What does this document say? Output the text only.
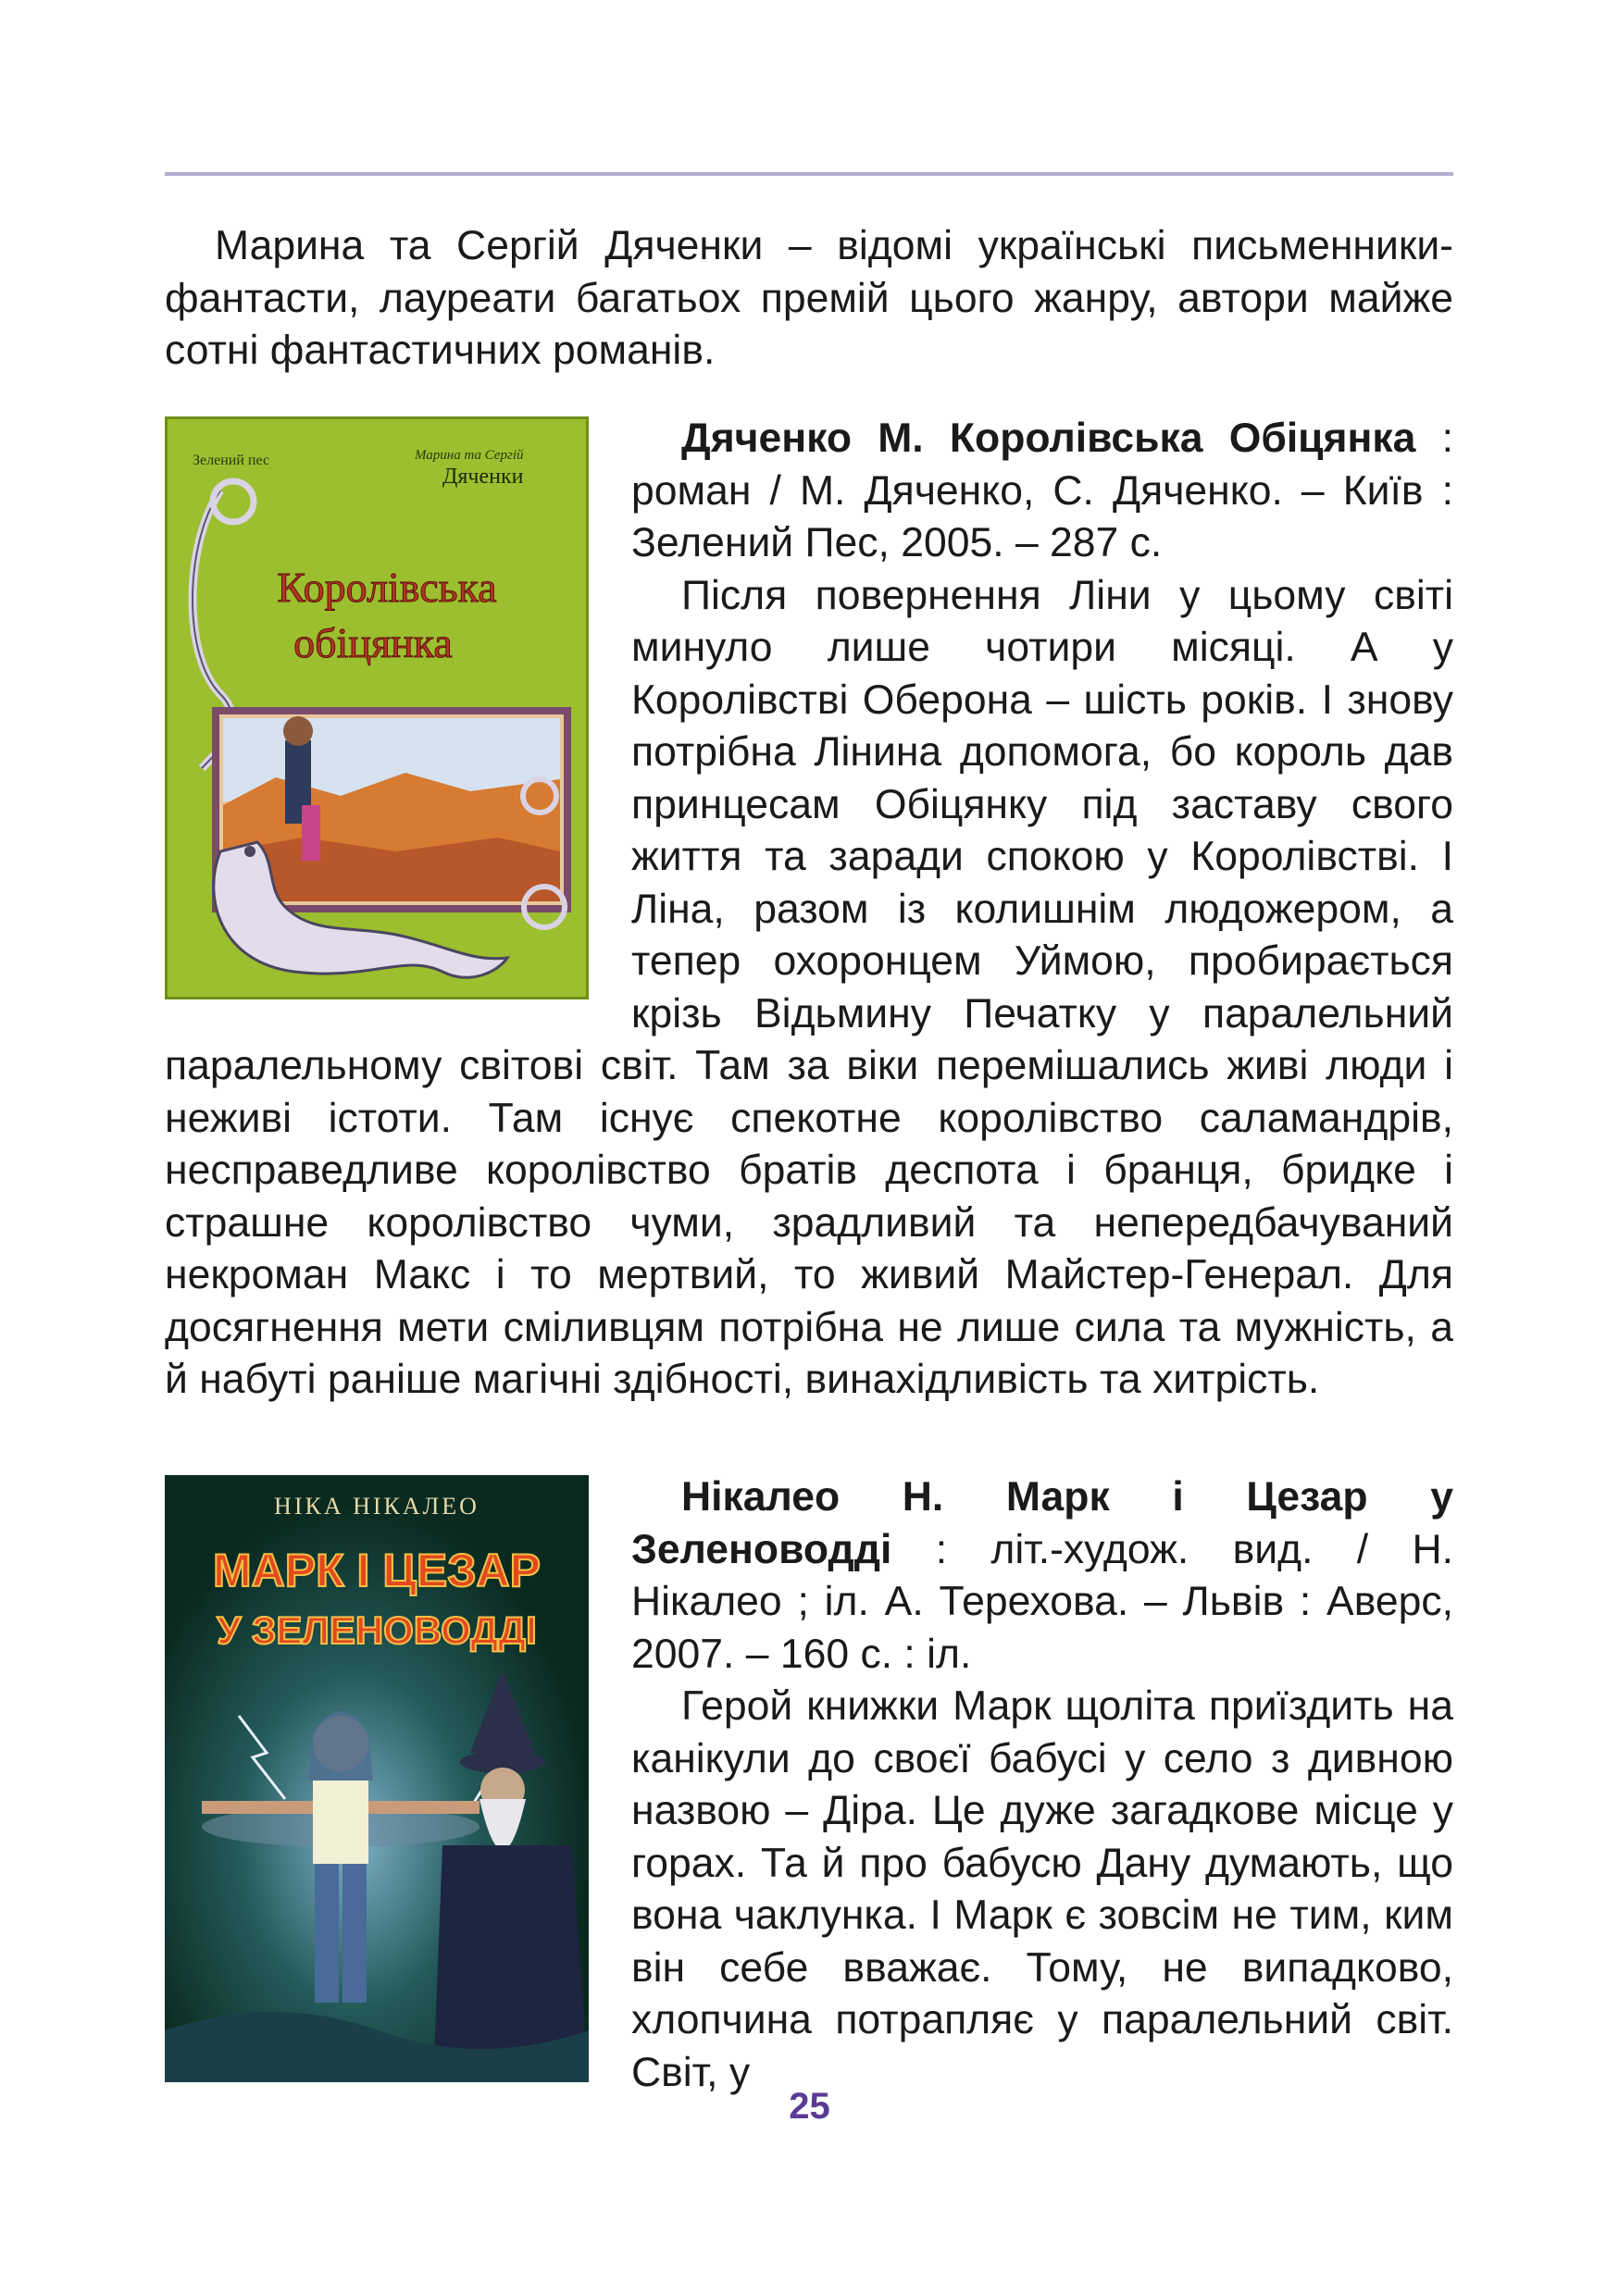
Марина та Сергій Дяченки – відомі українські письменники-фантасти, лауреати багатьох премій цього жанру, автори майже сотні фантастичних романів.

Зелений пес	Марина та Сергій
Дяченки
Королівська
обіцянка

Дяченко М. Королівська Обіцянка : роман / М. Дяченко, С. Дяченко. – Київ : Зелений Пес, 2005. – 287 с.

Після повернення Ліни у цьому світі минуло лише чотири місяці. А у Королівстві Оберона – шість років. І знову потрібна Лінина допомога, бо король дав принцесам Обіцянку під заставу свого життя та заради спокою у Королівстві. І Ліна, разом із колишнім людожером, а тепер охоронцем Уймою, пробирається крізь Відьмину Печатку у паралельний паралельному світові світ. Там за віки перемішались живі люди і неживі істоти. Там існує спекотне королівство саламандрів, несправедливе королівство братів деспота і бранця, бридке і страшне королівство чуми, зрадливий та непередбачуваний некроман Макс і то мертвий, то живий Майстер-Генерал. Для досягнення мети сміливцям потрібна не лише сила та мужність, а й набуті раніше магічні здібності, винахідливість та хитрість.

НІКА НІКАЛЕО
МАРК І ЦЕЗАР
У ЗЕЛЕНОВОДДІ

Нікалео Н. Марк і Цезар у Зеленоводді : літ.-худож. вид. / Н. Нікалео ; іл. А. Терехова. – Львів : Аверс, 2007. – 160 с. : іл.

Герой книжки Марк щоліта приїздить на канікули до своєї бабусі у село з дивною назвою – Діра. Це дуже загадкове місце у горах. Та й про бабусю Дану думають, що вона чаклунка. І Марк є зовсім не тим, ким він себе вважає. Тому, не випадково, хлопчина потрапляє у паралельний світ. Світ, у

25
